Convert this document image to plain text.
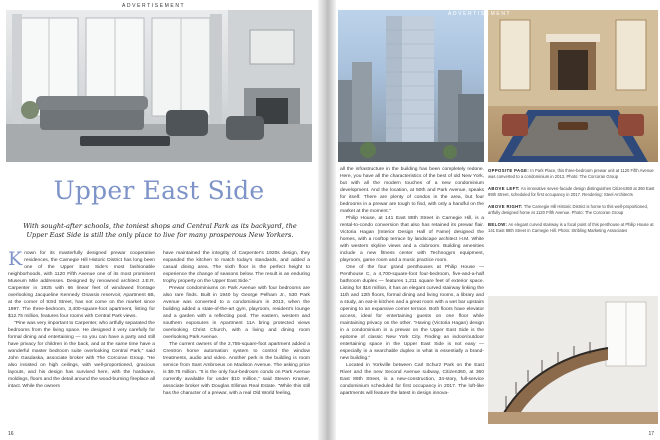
ADVERTISEMENT
Upper East Side
With sought-after schools, the toniest shops and Central Park as its backyard, the Upper East Side is still the only place to live for many prosperous New Yorkers.

Known for its masterfully designed prewar cooperative residences, the Carnegie Hill Historic District has long been one of the Upper East Side's most fashionable neighborhoods, with 1120 Fifth Avenue one of its most prominent Museum Mile addresses. Designed by renowned architect J.E.R. Carpenter in 1925 with 66 linear feet of windowed frontage overlooking Jacqueline Kennedy Onassis reservoir, Apartment 6B, at the corner of 93rd Street, has not come on the market since 1997. The three-bedroom, 3,400-square-foot apartment, listing for $12.75 million, features four rooms with Central Park views.

"Pine was very important to Carpenter, who artfully separated the bedrooms from the living space. He designed it very carefully for formal dining and entertaining — so you can have a party and still have privacy for children in the back, and at the same time have a wonderful master bedroom suite overlooking Central Park," said John Gasdaska, associate broker with The Corcoran Group. "He also insisted on high ceilings, with well-proportioned, gracious layouts, and his design has survived here, with the hardware, moldings, floors and the detail around the wood-burning fireplace all intact. While the owners

have maintained the integrity of Carpenter's 1920s design, they expanded the kitchen to match today's standards, and added a casual dining area. The sixth floor is the perfect height to experience the change of seasons below. The result is an enduring trophy property on the Upper East Side."

Prewar condominiums on Park Avenue with four bedrooms are also rare finds. Built in 1940 by George Pelham Jr., 530 Park Avenue was converted to a condominium in 2013, when the building added a state-of-the-art gym, playroom, resident's lounge and a garden with a reflecting pool. The eastern, western and southern exposures in Apartment 11A bring protected views overlooking Christ Church, with a living and dining room overlooking Park Avenue.

The current owners of the 2,755-square-foot apartment added a Crestron home automation system to control the window treatments, audio and video. Another perk in the building is room service from Sant Ambroeus on Madison Avenue. The asking price is $9.75 million. "It is the only four-bedroom condo on Park Avenue currently available for under $10 million," said Steven Kramer, associate broker with Douglas Elliman Real Estate. "While this still has the character of a prewar, with a real Old World feeling,

16
ADVERTISEMENT

all the infrastructure in the building has been completely redone. Here, you have all the characteristics of the best of old New York, but with all the modern touches of a new condominium development. And the location, at 50th and Park Avenue, speaks for itself. There are plenty of condos in the area, but four bedrooms in a prewar are tough to find, with only a handful on the market at the moment."

Philip House, at 141 East 88th Street in Carnegie Hill, is a rental-to-condo conversion that also has retained its prewar flair. Victoria Hagan (Interior Design Hall of Fame) designed the homes, with a rooftop terrace by landscape architect H.M. White with western skyline views and a clubroom. Building amenities include a new fitness center with Technogym equipment, playroom, game room and a music practice room.

One of the four grand penthouses at Philip House — Penthouse C, a 4,700-square-foot four-bedroom, five-and-a-half bathroom duplex — features 1,211 square feet of exterior space. Listing for $16 million, it has an elegant curved stairway linking the 11th and 12th floors, formal dining and living rooms, a library and a study, an eat-in kitchen and a great room with a wet bar upstairs opening to an expansive corner terrace. Both floors have elevator access, ideal for entertaining guests on one floor while maintaining privacy on the other. "Having (Victoria Hagan) design in a condominium in a prewar on the Upper East Side is the epitome of classic New York City. Finding an indoor/outdoor entertaining space in the Upper East Side is not easy — especially in a searchable duplex in what is essentially a brand-new building."

Located in Yorkville between Carl Schurz Park on the East River and the new Second Avenue subway, Citizen360, at 360 East 89th Street, is a new-construction, 34-story, full-service condominium scheduled for first occupancy in 2017. The loft-like apartments will feature the latest in design innova-

OPPOSITE PAGE: In Park Place, this three-bedroom prewar unit at 1120 Fifth Avenue was converted to a condominium in 2013. Photo: The Corcoran Group

ABOVE LEFT: An innovative seven-facade design distinguishes Citizen360 at 360 East 89th Street, scheduled for first occupancy in 2017. Rendering: Steel Architects

ABOVE RIGHT: The Carnegie Hill Historic District is home to this well-proportioned, artfully designed home at 1120 Fifth Avenue. Photo: The Corcoran Group

BELOW: An elegant curved stairway is a focal point of this penthouse at Philip House at 141 East 88th Street in Carnegie Hill. Photo: Stribling Marketing Associates

17
